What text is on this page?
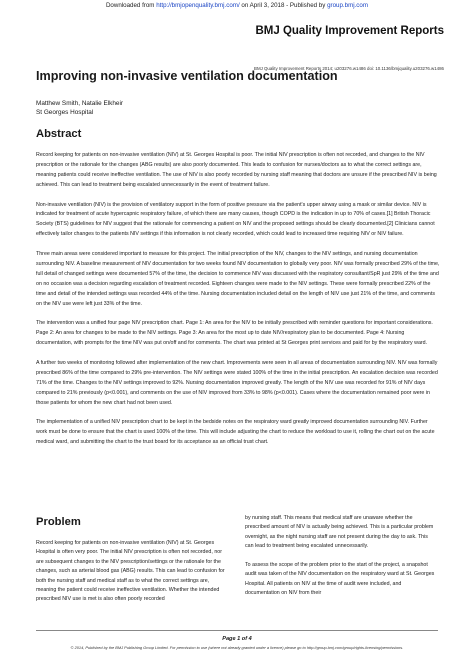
Downloaded from http://bmjopenquality.bmj.com/ on April 3, 2018 - Published by group.bmj.com
BMJ Quality Improvement Reports
BMJ Quality Improvement Reports 2014; u203276.w1486 doi: 10.1136/bmjquality.u203276.w1486
Improving non-invasive ventilation documentation
Matthew Smith, Natalie Elkheir
St Georges Hospital
Abstract

Record keeping for patients on non-invasive ventilation (NIV) at St. Georges Hospital is poor. The initial NIV prescription is often not recorded, and changes to the NIV prescription or the rationale for the changes (ABG results) are also poorly documented. This leads to confusion for nurses/doctors as to what the correct settings are, meaning patients could receive ineffective ventilation. The use of NIV is also poorly recorded by nursing staff meaning that doctors are unsure if the prescribed NIV is being achieved. This can lead to treatment being escalated unnecessarily in the event of treatment failure.

Non-invasive ventilation (NIV) is the provision of ventilatory support in the form of positive pressure via the patient's upper airway using a mask or similar device. NIV is indicated for treatment of acute hypercapnic respiratory failure, of which there are many causes, though COPD is the indication in up to 70% of cases.[1] British Thoracic Society (BTS) guidelines for NIV suggest that the rationale for commencing a patient on NIV and the proposed settings should be clearly documented.[2] Clinicians cannot effectively tailor changes to the patients NIV settings if this information is not clearly recorded, which could lead to increased time requiring NIV or NIV failure.

Three main areas were considered important to measure for this project. The initial prescription of the NIV, changes to the NIV settings, and nursing documentation surrounding NIV. A baseline measurement of NIV documentation for two weeks found NIV documentation to globally very poor. NIV was formally prescribed 29% of the time, full detail of changed settings were documented 57% of the time, the decision to commence NIV was discussed with the respiratory consultant/SpR just 29% of the time and on no occasion was a decision regarding escalation of treatment recorded. Eighteen changes were made to the NIV settings. These were formally prescribed 22% of the time and detail of the intended settings was recorded 44% of the time. Nursing documentation included detail on the length of NIV use just 21% of the time, and comments on the NIV use were left just 33% of the time.

The intervention was a unified four page NIV prescription chart. Page 1: An area for the NIV to be initially prescribed with reminder questions for important considerations. Page 2: An area for changes to be made to the NIV settings. Page 3: An area for the most up to date NIV/respiratory plan to be documented. Page 4: Nursing documentation, with prompts for the time NIV was put on/off and for comments. The chart was printed at St Georges print services and paid for by the respiratory ward.

A further two weeks of monitoring followed after implementation of the new chart. Improvements were seen in all areas of documentation surrounding NIV. NIV was formally prescribed 86% of the time compared to 29% pre-intervention. The NIV settings were stated 100% of the time in the initial prescription. An escalation decision was recorded 71% of the time. Changes to the NIV settings improved to 92%. Nursing documentation improved greatly. The length of the NIV use was recorded for 91% of NIV days compared to 21% previously (p<0.001), and comments on the use of NIV improved from 33% to 98% (p<0.001). Cases where the documentation remained poor were in those patients for whom the new chart had not been used.

The implementation of a unified NIV prescription chart to be kept in the bedside notes on the respiratory ward greatly improved documentation surrounding NIV. Further work must be done to ensure that the chart is used 100% of the time. This will include adjusting the chart to reduce the workload to use it, rolling the chart out on the acute medical ward, and submitting the chart to the trust board for its acceptance as an official trust chart.

Problem

Record keeping for patients on non-invasive ventilation (NIV) at St. Georges Hospital is often very poor. The initial NIV prescription is often not recorded, nor are subsequent changes to the NIV prescription/settings or the rationale for the changes, such as arterial blood gas (ABG) results. This can lead to confusion for both the nursing staff and medical staff as to what the correct settings are, meaning the patient could receive ineffective ventilation. Whether the intended prescribed NIV use is met is also often poorly recorded

by nursing staff. This means that medical staff are unaware whether the prescribed amount of NIV is actually being achieved. This is a particular problem overnight, as the night nursing staff are not present during the day to ask. This can lead to treatment being escalated unnecessarily.

To assess the scope of the problem prior to the start of the project, a snapshot audit was taken of the NIV documentation on the respiratory ward at St. Georges Hospital. All patients on NIV at the time of audit were included, and documentation on NIV from their

Page 1 of 4
© 2014, Published by the BMJ Publishing Group Limited. For permission to use (where not already granted under a licence) please go to http://group.bmj.com/group/rights-licensing/permissions.
